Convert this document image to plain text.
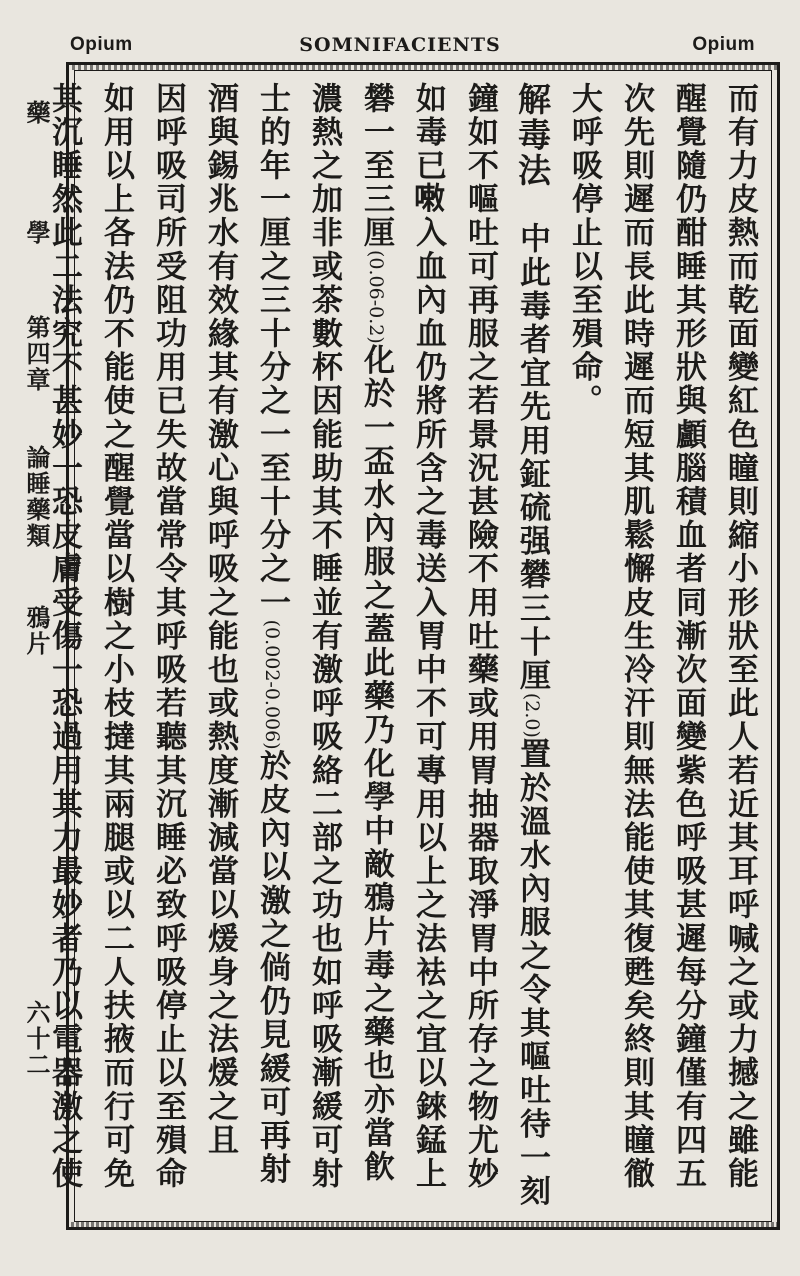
Opium	SOMNIFACIENTS	Opium
藥
學
第四章
論睡藥類
鴉片
六十二	而有力皮熱而乾面變紅色瞳則縮小形狀至此人若近其耳呼喊之或力撼之雖能
醒覺隨仍酣睡其形狀與顱腦積血者同漸次面變紫色呼吸甚遲每分鐘僅有四五
次先則遲而長此時遲而短其肌鬆懈皮生冷汗則無法能使其復甦矣終則其瞳徹
大呼吸停止以至殞命。
解毒法　中此毒者宜先用鉦硫强礬三十厘(2.0)置於溫水內服之令其嘔吐待一刻
鐘如不嘔吐可再服之若景況甚險不用吐藥或用胃抽器取淨胃中所存之物尤妙
如毒已𠻳入血內血仍將所含之毒送入胃中不可專用以上之法袪之宜以錸錳上
礬一至三厘(0.06-0.2)化於一盃水內服之蓋此藥乃化學中敵鴉片毒之藥也亦當飮
濃熱之加非或茶數杯因能助其不睡並有激呼吸絡二部之功也如呼吸漸緩可射
士的年一厘之三十分之一至十分之一(0.002-0.006)於皮內以激之倘仍見緩可再射
酒與錫兆水有效緣其有激心與呼吸之能也或熱度漸減當以煖身之法煖之且
因呼吸司所受阻功用已失故當常令其呼吸若聽其沉睡必致呼吸停止以至殞命
如用以上各法仍不能使之醒覺當以樹之小枝撻其兩腿或以二人扶掖而行可免
其沉睡然此二法究不甚妙一恐皮膚受傷一恐過用其力最妙者乃以電器激之使
